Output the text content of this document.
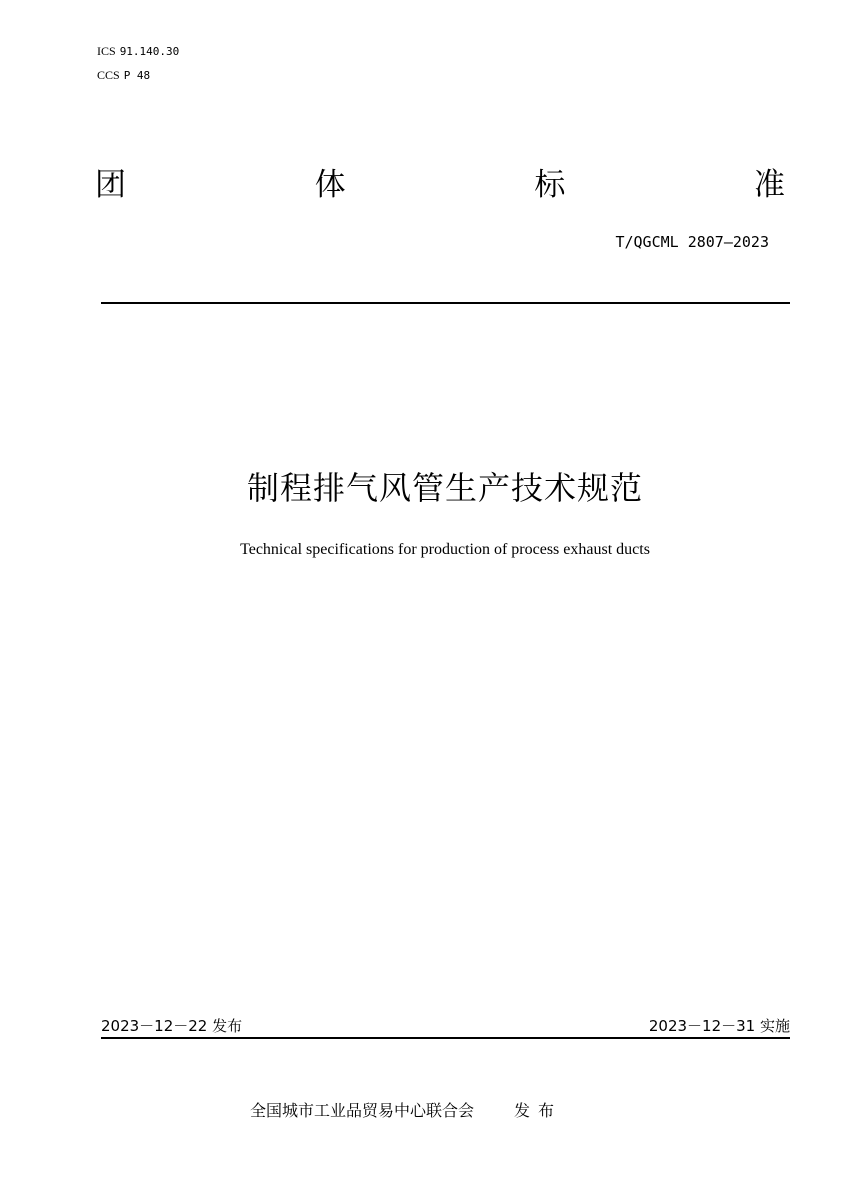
ICS 91.140.30
CCS P 48
团	体	标	准
T/QGCML 2807—2023
制程排气风管生产技术规范
Technical specifications for production of process exhaust ducts
2023－12－22 发布	2023－12－31 实施
全国城市工业品贸易中心联合会	发布
